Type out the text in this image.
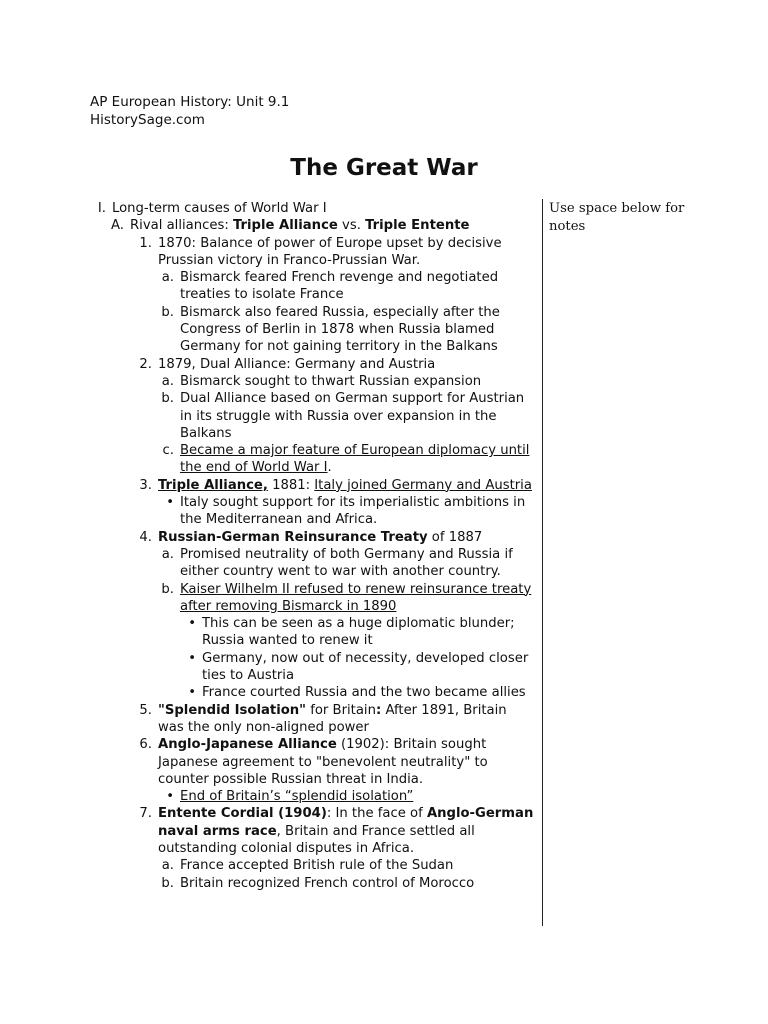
AP European History: Unit 9.1
HistorySage.com
The Great War
Use space below for notes
I. Long-term causes of World War I
A. Rival alliances: Triple Alliance vs. Triple Entente
1. 1870: Balance of power of Europe upset by decisive Prussian victory in Franco-Prussian War.
a. Bismarck feared French revenge and negotiated treaties to isolate France
b. Bismarck also feared Russia, especially after the Congress of Berlin in 1878 when Russia blamed Germany for not gaining territory in the Balkans
2. 1879, Dual Alliance: Germany and Austria
a. Bismarck sought to thwart Russian expansion
b. Dual Alliance based on German support for Austrian in its struggle with Russia over expansion in the Balkans
c. Became a major feature of European diplomacy until the end of World War I.
3. Triple Alliance, 1881: Italy joined Germany and Austria
• Italy sought support for its imperialistic ambitions in the Mediterranean and Africa.
4. Russian-German Reinsurance Treaty of 1887
a. Promised neutrality of both Germany and Russia if either country went to war with another country.
b. Kaiser Wilhelm II refused to renew reinsurance treaty after removing Bismarck in 1890
• This can be seen as a huge diplomatic blunder; Russia wanted to renew it
• Germany, now out of necessity, developed closer ties to Austria
• France courted Russia and the two became allies
5. "Splendid Isolation" for Britain: After 1891, Britain was the only non-aligned power
6. Anglo-Japanese Alliance (1902): Britain sought Japanese agreement to "benevolent neutrality" to counter possible Russian threat in India.
• End of Britain’s “splendid isolation”
7. Entente Cordial (1904): In the face of Anglo-German naval arms race, Britain and France settled all outstanding colonial disputes in Africa.
a. France accepted British rule of the Sudan
b. Britain recognized French control of Morocco
